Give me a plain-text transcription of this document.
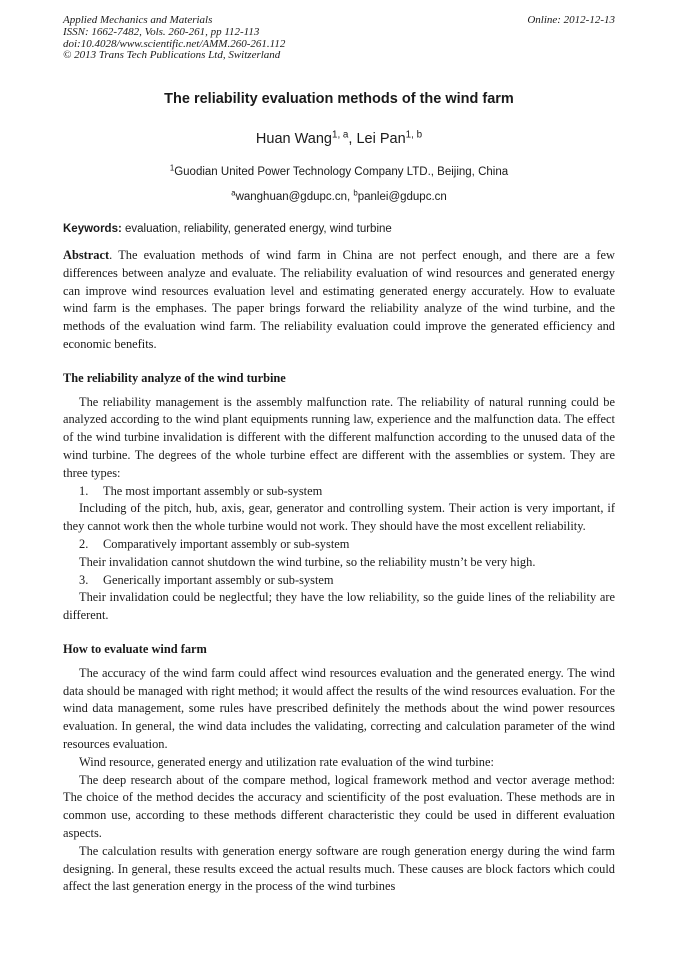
Applied Mechanics and Materials
ISSN: 1662-7482, Vols. 260-261, pp 112-113
doi:10.4028/www.scientific.net/AMM.260-261.112
© 2013 Trans Tech Publications Ltd, Switzerland
Online: 2012-12-13
The reliability evaluation methods of the wind farm
Huan Wang$^{1, a}$, Lei Pan$^{1, b}$
$^1$Guodian United Power Technology Company LTD., Beijing, China
$^a$wanghuan@gdupc.cn, $^b$panlei@gdupc.cn
Keywords: evaluation, reliability, generated energy, wind turbine

Abstract. The evaluation methods of wind farm in China are not perfect enough, and there are a few differences between analyze and evaluate. The reliability evaluation of wind resources and generated energy can improve wind resources evaluation level and estimating generated energy accurately. How to evaluate wind farm is the emphases. The paper brings forward the reliability analyze of the wind turbine, and the methods of the evaluation wind farm. The reliability evaluation could improve the generated efficiency and economic benefits.

The reliability analyze of the wind turbine

The reliability management is the assembly malfunction rate. The reliability of natural running could be analyzed according to the wind plant equipments running law, experience and the malfunction data. The effect of the wind turbine invalidation is different with the different malfunction according to the unused data of the wind turbine. The degrees of the whole turbine effect are different with the assemblies or system. They are three types:

1. The most important assembly or sub-system

Including of the pitch, hub, axis, gear, generator and controlling system. Their action is very important, if they cannot work then the whole turbine would not work. They should have the most excellent reliability.

2. Comparatively important assembly or sub-system

Their invalidation cannot shutdown the wind turbine, so the reliability mustn’t be very high.

3. Generically important assembly or sub-system

Their invalidation could be neglectful; they have the low reliability, so the guide lines of the reliability are different.

How to evaluate wind farm

The accuracy of the wind farm could affect wind resources evaluation and the generated energy. The wind data should be managed with right method; it would affect the results of the wind resources evaluation. For the wind data management, some rules have prescribed definitely the methods about the wind power resources evaluation. In general, the wind data includes the validating, correcting and calculation parameter of the wind resources evaluation.

Wind resource, generated energy and utilization rate evaluation of the wind turbine:

The deep research about of the compare method, logical framework method and vector average method: The choice of the method decides the accuracy and scientificity of the post evaluation. These methods are in common use, according to these methods different characteristic they could be used in different evaluation aspects.

The calculation results with generation energy software are rough generation energy during the wind farm designing. In general, these results exceed the actual results much. These causes are block factors which could affect the last generation energy in the process of the wind turbines
